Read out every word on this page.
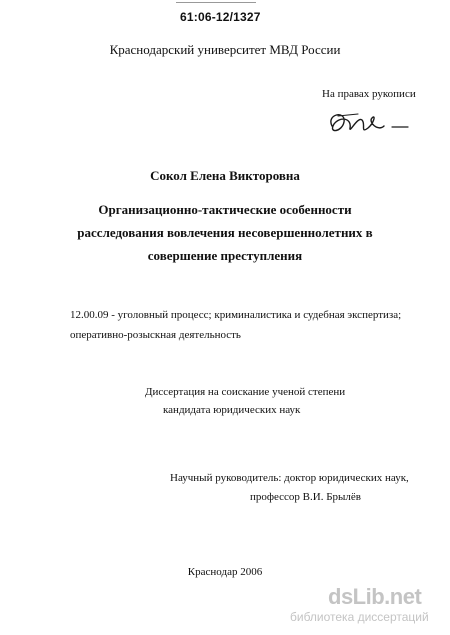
61:06-12/1327
Краснодарский университет МВД России
На правах рукописи
Сокол Елена Викторовна
Организационно-тактические особенности
расследования вовлечения несовершеннолетних в
совершение преступления
12.00.09 - уголовный процесс; криминалистика и судебная экспертиза;
оперативно-розыскная деятельность
Диссертация на соискание ученой степени
кандидата юридических наук
Научный руководитель: доктор юридических наук,
профессор В.И. Брылёв
Краснодар 2006
dsLib.net
библиотека диссертаций
